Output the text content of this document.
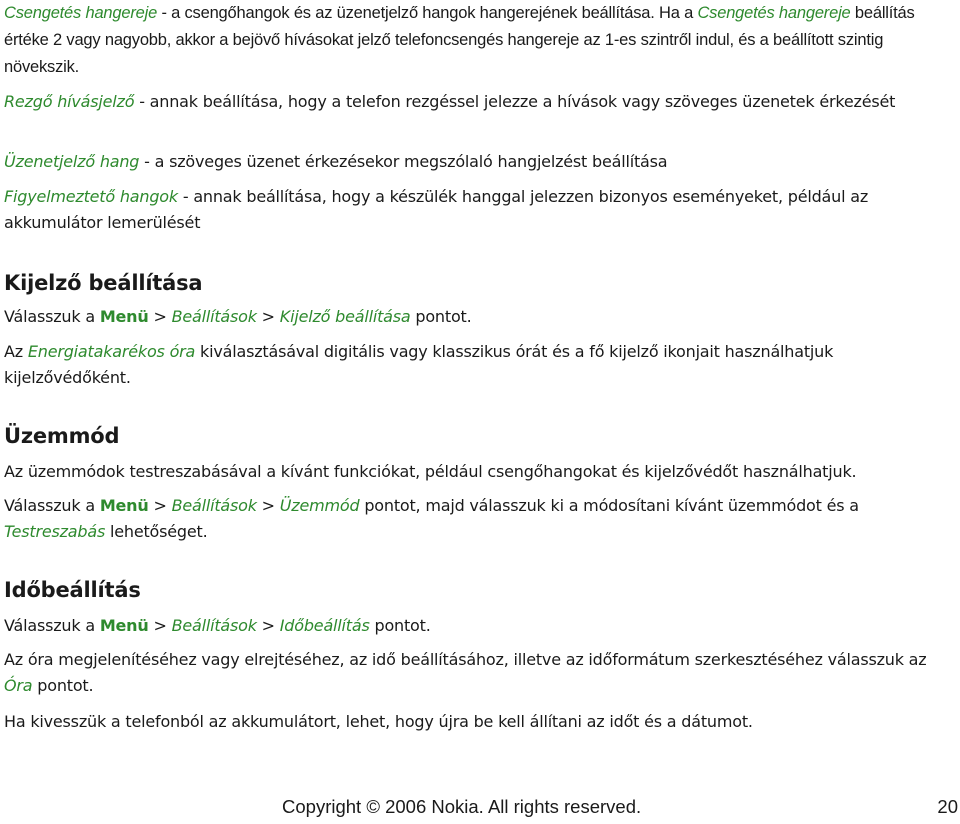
Csengetés hangereje - a csengőhangok és az üzenetjelző hangok hangerejének beállítása. Ha a Csengetés hangereje beállítás értéke 2 vagy nagyobb, akkor a bejövő hívásokat jelző telefoncsengés hangereje az 1-es szintről indul, és a beállított szintig növekszik.

Rezgő hívásjelző - annak beállítása, hogy a telefon rezgéssel jelezze a hívások vagy szöveges üzenetek érkezését

Üzenetjelző hang - a szöveges üzenet érkezésekor megszólaló hangjelzést beállítása

Figyelmeztető hangok - annak beállítása, hogy a készülék hanggal jelezzen bizonyos eseményeket, például az akkumulátor lemerülését

Kijelző beállítása

Válasszuk a Menü > Beállítások > Kijelző beállítása pontot.

Az Energiatakarékos óra kiválasztásával digitális vagy klasszikus órát és a fő kijelző ikonjait használhatjuk kijelzővédőként.

Üzemmód

Az üzemmódok testreszabásával a kívánt funkciókat, például csengőhangokat és kijelzővédőt használhatjuk.

Válasszuk a Menü > Beállítások > Üzemmód pontot, majd válasszuk ki a módosítani kívánt üzemmódot és a Testreszabás lehetőséget.

Időbeállítás

Válasszuk a Menü > Beállítások > Időbeállítás pontot.

Az óra megjelenítéséhez vagy elrejtéséhez, az idő beállításához, illetve az időformátum szerkesztéséhez válasszuk az Óra pontot.

Ha kivesszük a telefonból az akkumulátort, lehet, hogy újra be kell állítani az időt és a dátumot.

Copyright © 2006 Nokia. All rights reserved.	20
